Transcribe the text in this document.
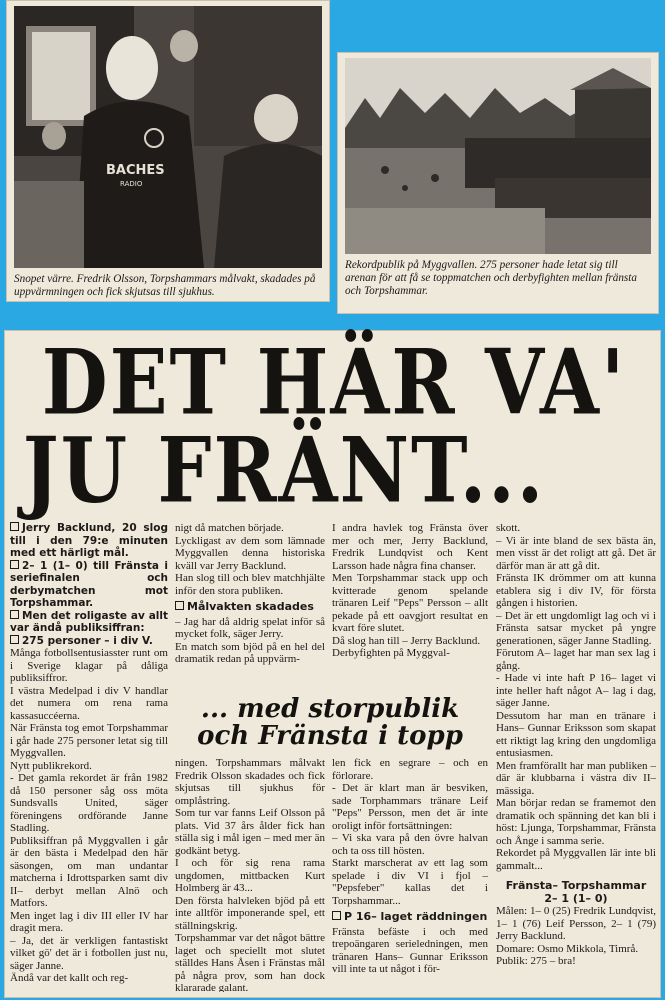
BACHES
RADIO
Snopet värre. Fredrik Olsson, Torpshammars målvakt, skadades på uppvärmningen och fick skjutsas till sjukhus.
Rekordpublik på Myggvallen. 275 personer hade letat sig till arenan för att få se toppmatchen och derbyfighten mellan fränsta och Torpshammar.
DET HÄR VA'
JU FRÄNT...

Jerry Backlund, 20 slog till i den 79:e minuten med ett härligt mål.

2– 1 (1– 0) till Fränsta i seriefinalen och derbymatchen mot Torpshammar.

Men det roligaste av allt var ändå publiksiffran:

275 personer – i div V.

Många fotbollsentusiasster runt om i Sverige klagar på dåliga publiksiffror.

I västra Medelpad i div V handlar det numera om rena rama kassasuccéerna.

När Fränsta tog emot Torpshammar i går hade 275 personer letat sig till Myggvallen.

Nytt publikrekord.

- Det gamla rekordet är från 1982 då 150 personer såg oss möta Sundsvalls United, säger föreningens ordförande Janne Stadling.

Publiksiffran på Myggvallen i går är den bästa i Medelpad den här säsongen, om man undantar matcherna i Idrottsparken samt div II– derbyt mellan Alnö och Matfors.

Men inget lag i div III eller IV har dragit mera.

– Ja, det är verkligen fantastiskt vilket gö' det är i fotbollen just nu, säger Janne.

Ändå var det kallt och reg-

nigt då matchen började.

Lyckligast av dem som lämnade Myggvallen denna historiska kväll var Jerry Backlund.

Han slog till och blev matchhjälte inför den stora publiken.

Målvakten skadades

– Jag har då aldrig spelat inför så mycket folk, säger Jerry.

En match som bjöd på en hel del dramatik redan på uppvärm-

I andra havlek tog Fränsta över mer och mer, Jerry Backlund, Fredrik Lundqvist och Kent Larsson hade några fina chanser.

Men Torpshammar stack upp och kvitterade genom spelande tränaren Leif "Peps" Persson – allt pekade på ett oavgjort resultat en kvart före slutet.

Då slog han till – Jerry Backlund.

Derbyfighten på Myggval-

... med storpublik och Fränsta i topp

ningen. Torpshammars målvakt Fredrik Olsson skadades och fick skjutsas till sjukhus för omplåstring.

Som tur var fanns Leif Olsson på plats. Vid 37 års ålder fick han ställa sig i mål igen – med mer än godkänt betyg.

I och för sig rena rama ungdomen, mittbacken Kurt Holmberg är 43...

Den första halvleken bjöd på ett inte alltför imponerande spel, ett ställningskrig.

Torpshammar var det något bättre laget och speciellt mot slutet ställdes Hans Åsen i Fränstas mål på några prov, som han dock klararade galant.

len fick en segrare – och en förlorare.

- Det är klart man är besviken, sade Torphammars tränare Leif "Peps" Persson, men det är inte oroligt inför fortsättningen:

– Vi ska vara på den övre halvan och ta oss till hösten.

Starkt marscherat av ett lag som spelade i div VI i fjol – "Pepsfeber" kallas det i Torpshammar...

P 16– laget räddningen

Fränsta befäste i och med trepoängaren serieledningen, men tränaren Hans– Gunnar Eriksson vill inte ta ut något i för-

skott.

– Vi är inte bland de sex bästa än, men visst är det roligt att gå. Det är därför man är att gå dit.

Fränsta IK drömmer om att kunna etablera sig i div IV, för första gången i historien.

– Det är ett ungdomligt lag och vi i Fränsta satsar mycket på yngre generationen, säger Janne Stadling.

Förutom A– laget har man sex lag i gång.

- Hade vi inte haft P 16– laget vi inte heller haft något A– lag i dag, säger Janne.

Dessutom har man en tränare i Hans– Gunnar Eriksson som skapat ett riktigt lag kring den ungdomliga entusiasmen.

Men framförallt har man publiken – där är klubbarna i västra div II– mässiga.

Man börjar redan se framemot den dramatik och spänning det kan bli i höst: Ljunga, Torpshammar, Fränsta och Ånge i samma serie.

Rekordet på Myggvallen lär inte bli gammalt...

Fränsta– Torpshammar
2– 1 (1– 0)

Målen: 1– 0 (25) Fredrik Lundqvist, 1– 1 (76) Leif Persson, 2– 1 (79) Jerry Backlund.

Domare: Osmo Mikkola, Timrå.

Publik: 275 – bra!
